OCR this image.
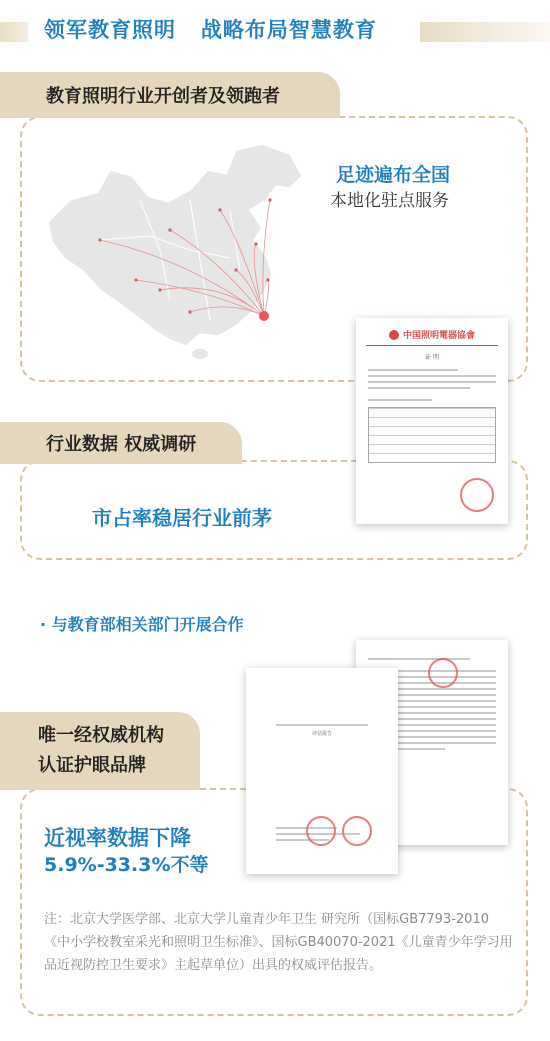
领军教育照明   战略布局智慧教育
教育照明行业开创者及领跑者
足迹遍布全国
本地化驻点服务
行业数据 权威调研
市占率稳居行业前茅
中国照明電器協會
证 明
· 与教育部相关部门开展合作
唯一经权威机构
认证护眼品牌
评估报告
近视率数据下降
5.9%-33.3%不等
注：北京大学医学部、北京大学儿童青少年卫生 研究所（国标GB7793-2010《中小学校教室采光和照明卫生标准》、国标GB40070-2021《儿童青少年学习用品近视防控卫生要求》主起草单位）出具的权威评估报告。
